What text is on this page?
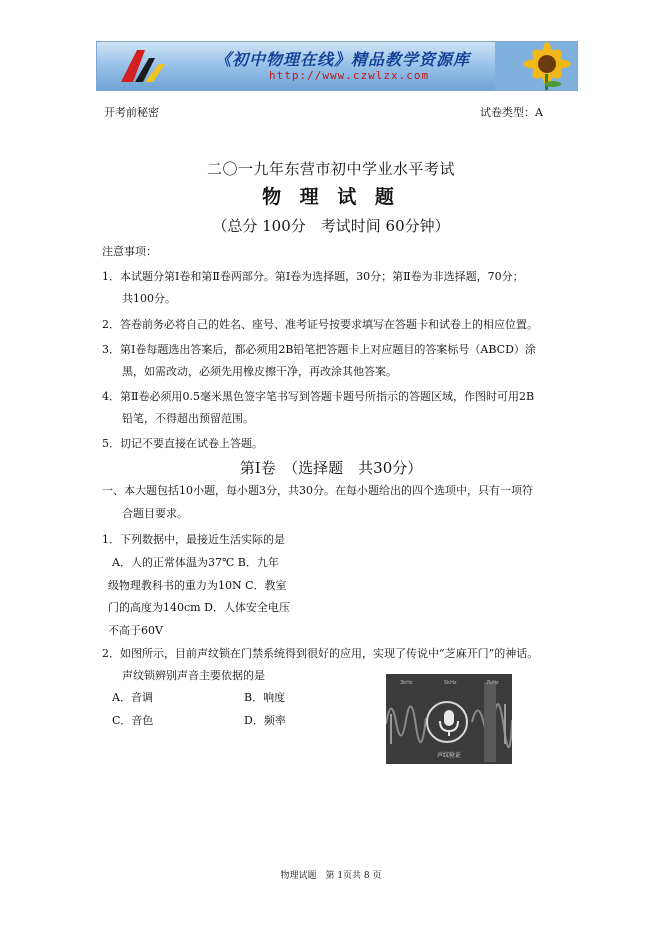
《初中物理在线》精品教学资源库
http://www.czwlzx.com
开考前秘密	试卷类型：A
二〇一九年东营市初中学业水平考试
物 理 试 题
（总分 100分　考试时间 60分钟）
注意事项：
1．本试题分第Ⅰ卷和第Ⅱ卷两部分。第Ⅰ卷为选择题，30分；第Ⅱ卷为非选择题，70分；
共100分。
2．答卷前务必将自己的姓名、座号、准考证号按要求填写在答题卡和试卷上的相应位置。
3．第Ⅰ卷每题选出答案后，都必须用2B铅笔把答题卡上对应题目的答案标号（ABCD）涂
黑，如需改动，必须先用橡皮擦干净，再改涂其他答案。
4．第Ⅱ卷必须用0.5毫米黑色签字笔书写到答题卡题号所指示的答题区域，作图时可用2B
铅笔，不得超出预留范围。
5．切记不要直接在试卷上答题。
第Ⅰ卷　（选择题　共30分）
一、本大题包括10小题，每小题3分，共30分。在每小题给出的四个选项中，只有一项符
合题目要求。
1．下列数据中，最接近生活实际的是
A．人的正常体温为37℃ B．九年
级物理教科书的重力为10N C．教室
门的高度为140cm D．人体安全电压
不高于60V
2．如图所示，目前声纹锁在门禁系统得到很好的应用，实现了传说中“芝麻开门”的神话。
声纹锁辨别声音主要依据的是
A．音调	B．响度
C．音色	D．频率
3kHz	5kHz	7kHz
声纹验证
物理试题　第 1页共 8 页
